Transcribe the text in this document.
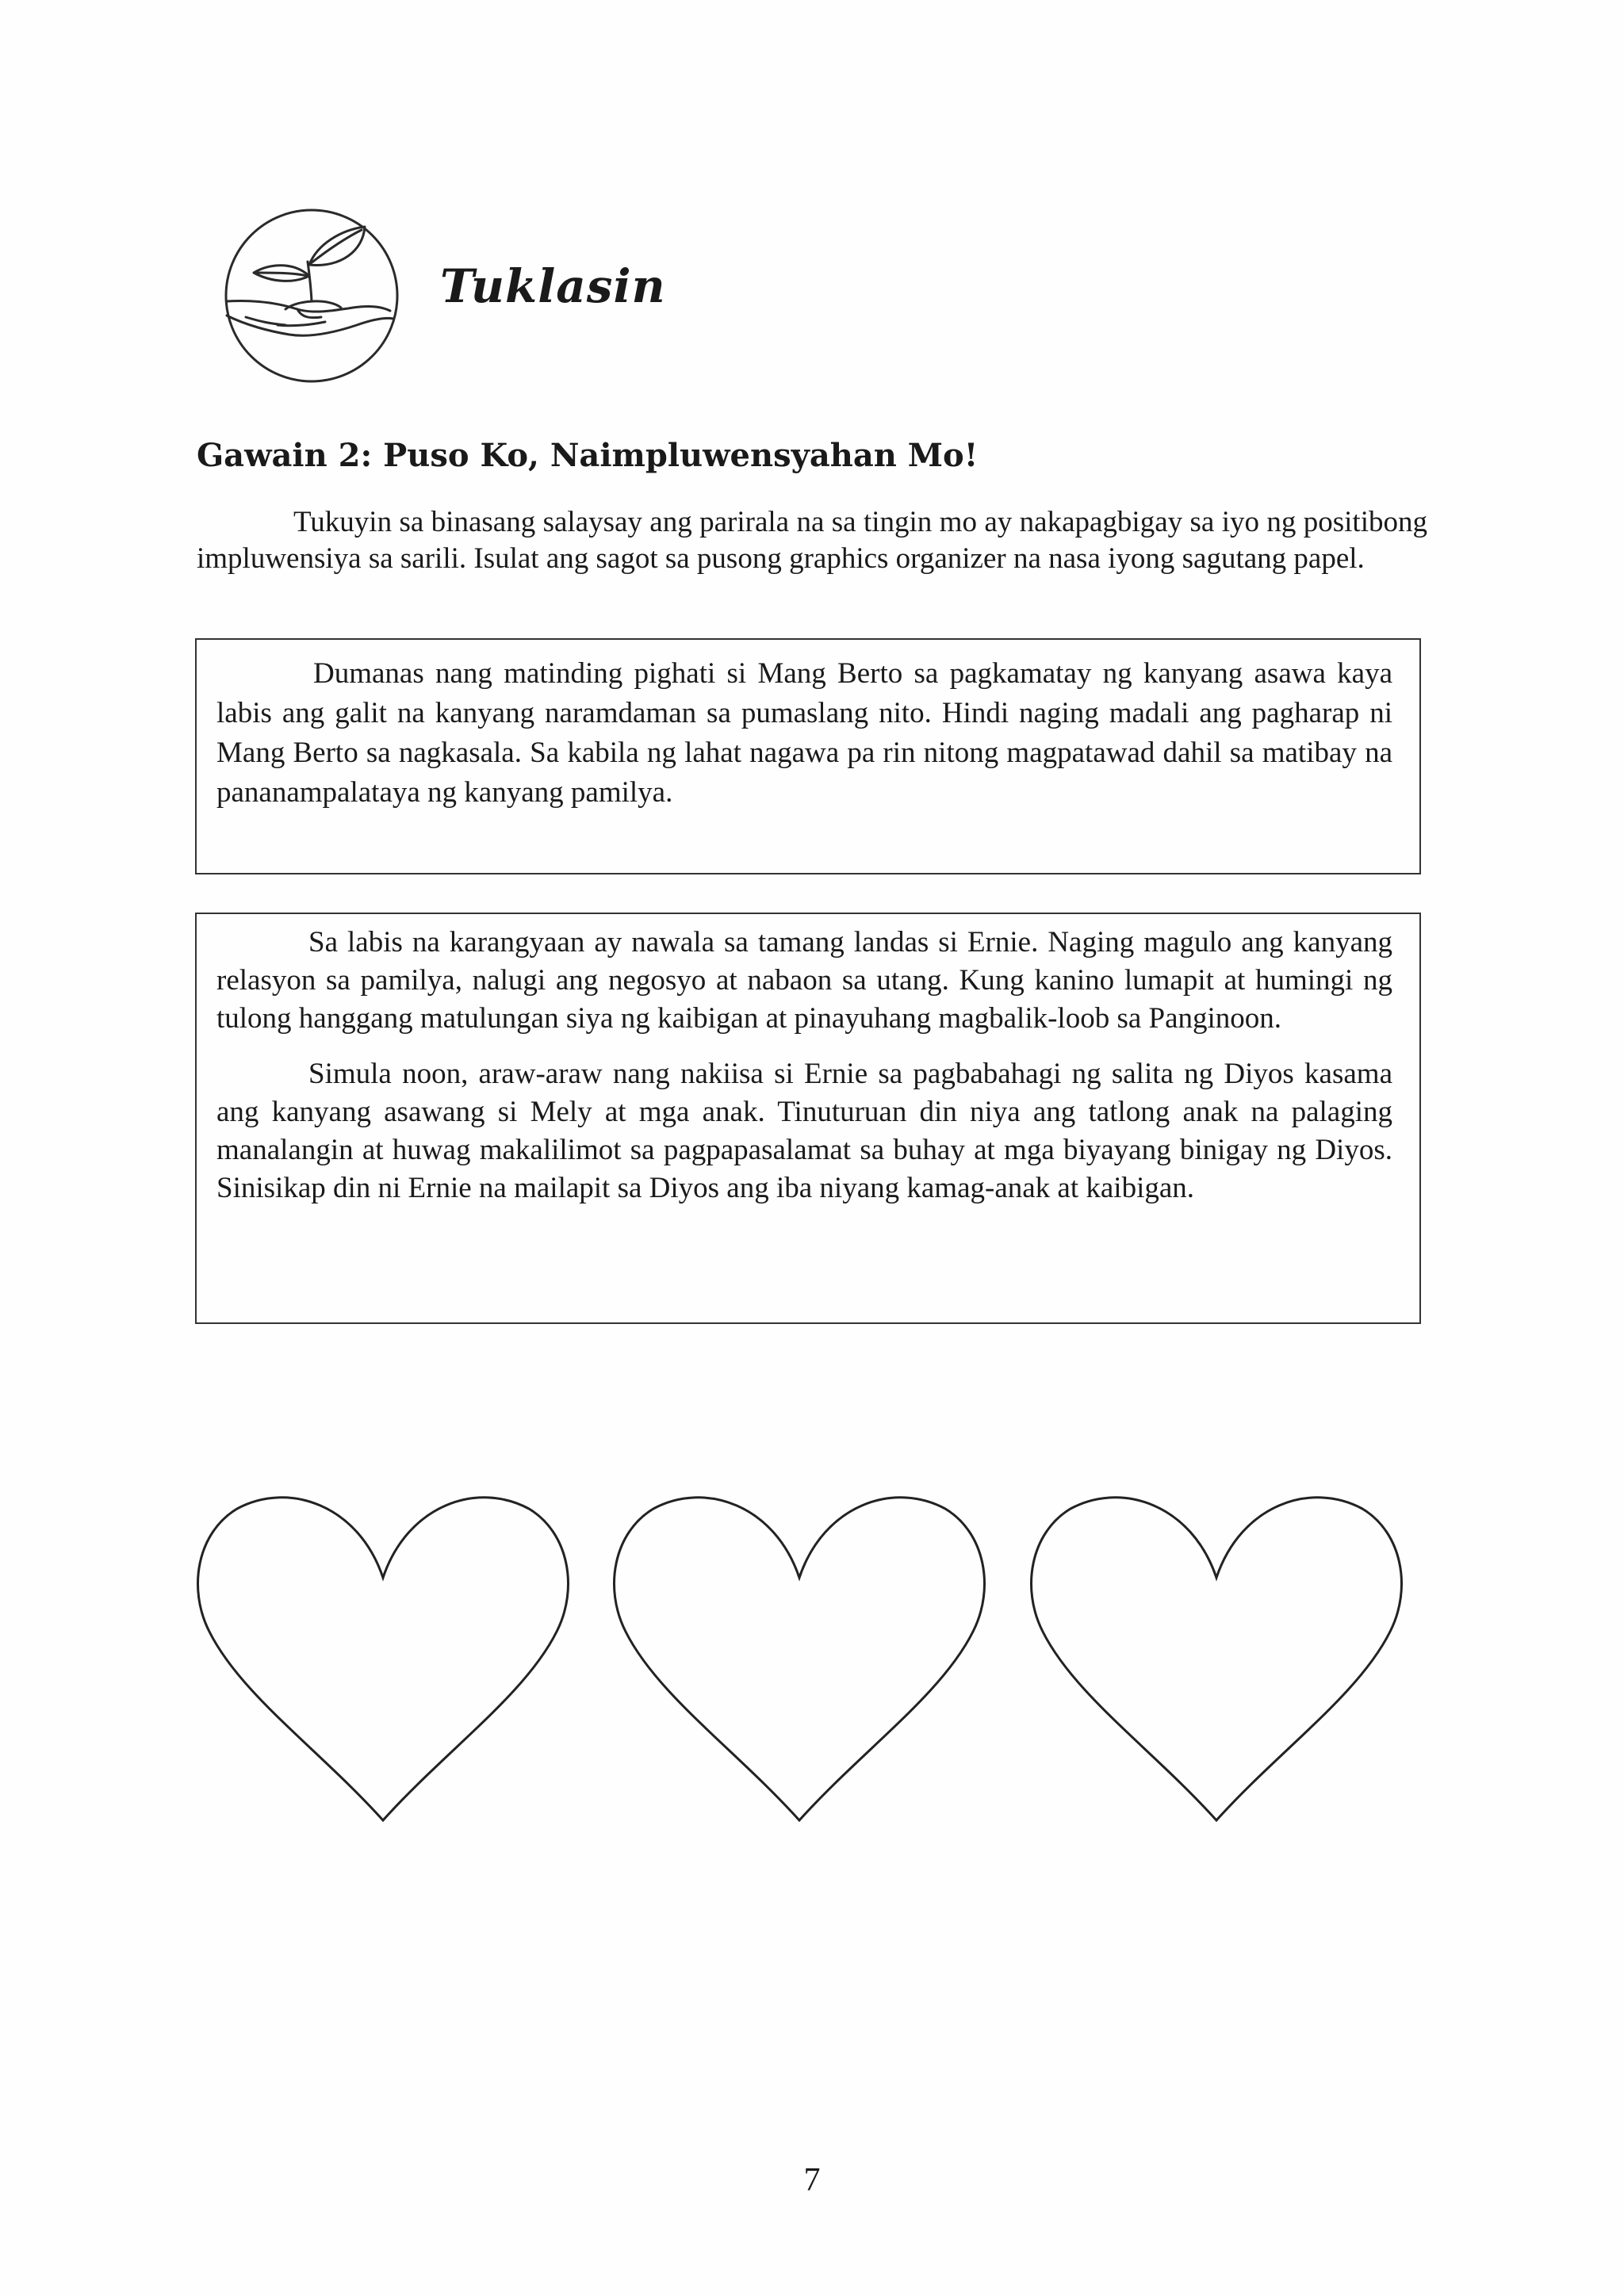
Tuklasin
Gawain 2: Puso Ko, Naimpluwensyahan Mo!

Tukuyin sa binasang salaysay ang parirala na sa tingin mo ay nakapagbigay sa iyo ng positibong impluwensiya sa sarili. Isulat ang sagot sa pusong graphics organizer na nasa iyong sagutang papel.

Dumanas nang matinding pighati si Mang Berto sa pagkamatay ng kanyang asawa kaya labis ang galit na kanyang naramdaman sa pumaslang nito. Hindi naging madali ang pagharap ni Mang Berto sa nagkasala. Sa kabila ng lahat nagawa pa rin nitong magpatawad dahil sa matibay na pananampalataya ng kanyang pamilya.

Sa labis na karangyaan ay nawala sa tamang landas si Ernie. Naging magulo ang kanyang relasyon sa pamilya, nalugi ang negosyo at nabaon sa utang. Kung kanino lumapit at humingi ng tulong hanggang matulungan siya ng kaibigan at pinayuhang magbalik-loob sa Panginoon.

Simula noon, araw-araw nang nakiisa si Ernie sa pagbabahagi ng salita ng Diyos kasama ang kanyang asawang si Mely at mga anak. Tinuturuan din niya ang tatlong anak na palaging manalangin at huwag makalilimot sa pagpapasalamat sa buhay at mga biyayang binigay ng Diyos. Sinisikap din ni Ernie na mailapit sa Diyos ang iba niyang kamag-anak at kaibigan.

7
